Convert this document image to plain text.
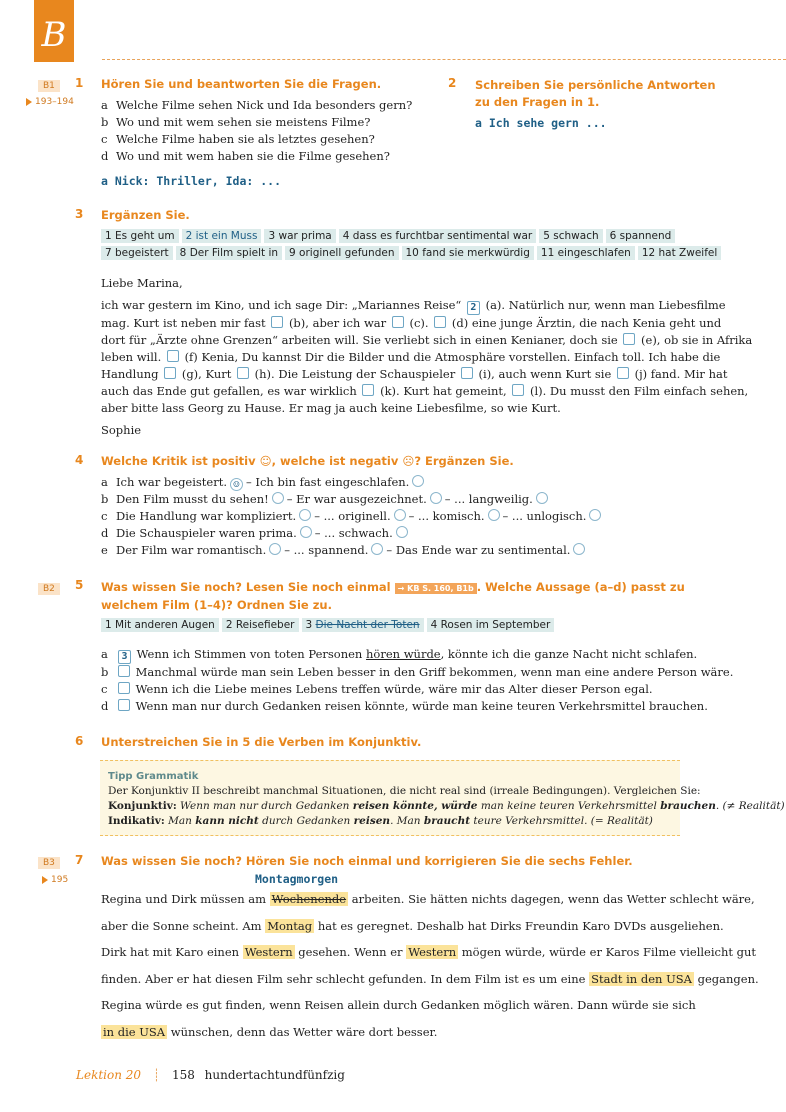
B
B1
193–194
1 Hören Sie und beantworten Sie die Fragen.
a Welche Filme sehen Nick und Ida besonders gern?
b Wo und mit wem sehen sie meistens Filme?
c Welche Filme haben sie als letztes gesehen?
d Wo und mit wem haben sie die Filme gesehen?
a Nick: Thriller, Ida: ...
2 Schreiben Sie persönliche Antworten
zu den Fragen in 1.
a Ich sehe gern ...
3 Ergänzen Sie.
1 Es geht um	2 ist ein Muss	3 war prima	4 dass es furchtbar sentimental war	5 schwach	6 spannend
7 begeistert	8 Der Film spielt in	9 originell gefunden	10 fand sie merkwürdig	11 eingeschlafen	12 hat Zweifel
Liebe Marina,
ich war gestern im Kino, und ich sage Dir: „Mariannes Reise“ 2 (a). Natürlich nur, wenn man Liebesfilme
mag. Kurt ist neben mir fast (b), aber ich war (c). (d) eine junge Ärztin, die nach Kenia geht und
dort für „Ärzte ohne Grenzen“ arbeiten will. Sie verliebt sich in einen Kenianer, doch sie (e), ob sie in Afrika
leben will. (f) Kenia, Du kannst Dir die Bilder und die Atmosphäre vorstellen. Einfach toll. Ich habe die
Handlung (g), Kurt (h). Die Leistung der Schauspieler (i), auch wenn Kurt sie (j) fand. Mir hat
auch das Ende gut gefallen, es war wirklich (k). Kurt hat gemeint, (l). Du musst den Film einfach sehen,
aber bitte lass Georg zu Hause. Er mag ja auch keine Liebesfilme, so wie Kurt.
Sophie
4 Welche Kritik ist positiv ☺, welche ist negativ ☹? Ergänzen Sie.
a Ich war begeistert. ☺ – Ich bin fast eingeschlafen.
b Den Film musst du sehen! – Er war ausgezeichnet. – ... langweilig.
c Die Handlung war kompliziert. – ... originell. – ... komisch. – ... unlogisch.
d Die Schauspieler waren prima. – ... schwach.
e Der Film war romantisch. – ... spannend. – Das Ende war zu sentimental.
B2	5 Was wissen Sie noch? Lesen Sie noch einmal → KB S. 160, B1b . Welche Aussage (a–d) passt zu
welchem Film (1–4)? Ordnen Sie zu.
1 Mit anderen Augen	2 Reisefieber	3 Die Nacht der Toten	4 Rosen im September
a 3 Wenn ich Stimmen von toten Personen hören würde, könnte ich die ganze Nacht nicht schlafen.
b Manchmal würde man sein Leben besser in den Griff bekommen, wenn man eine andere Person wäre.
c Wenn ich die Liebe meines Lebens treffen würde, wäre mir das Alter dieser Person egal.
d Wenn man nur durch Gedanken reisen könnte, würde man keine teuren Verkehrsmittel brauchen.
6 Unterstreichen Sie in 5 die Verben im Konjunktiv.
Tipp Grammatik
Der Konjunktiv II beschreibt manchmal Situationen, die nicht real sind (irreale Bedingungen). Vergleichen Sie:
Konjunktiv: Wenn man nur durch Gedanken reisen könnte, würde man keine teuren Verkehrsmittel brauchen. (≠ Realität)
Indikativ: Man kann nicht durch Gedanken reisen. Man braucht teure Verkehrsmittel. (= Realität)
B3
195
7 Was wissen Sie noch? Hören Sie noch einmal und korrigieren Sie die sechs Fehler.
Montagmorgen
Regina und Dirk müssen am Wochenende arbeiten. Sie hätten nichts dagegen, wenn das Wetter schlecht wäre,
aber die Sonne scheint. Am Montag hat es geregnet. Deshalb hat Dirks Freundin Karo DVDs ausgeliehen.
Dirk hat mit Karo einen Western gesehen. Wenn er Western mögen würde, würde er Karos Filme vielleicht gut
finden. Aber er hat diesen Film sehr schlecht gefunden. In dem Film ist es um eine Stadt in den USA gegangen.
Regina würde es gut finden, wenn Reisen allein durch Gedanken möglich wären. Dann würde sie sich
in die USA wünschen, denn das Wetter wäre dort besser.
Lektion 20 ┊ 158 hundertachtundfünfzig
